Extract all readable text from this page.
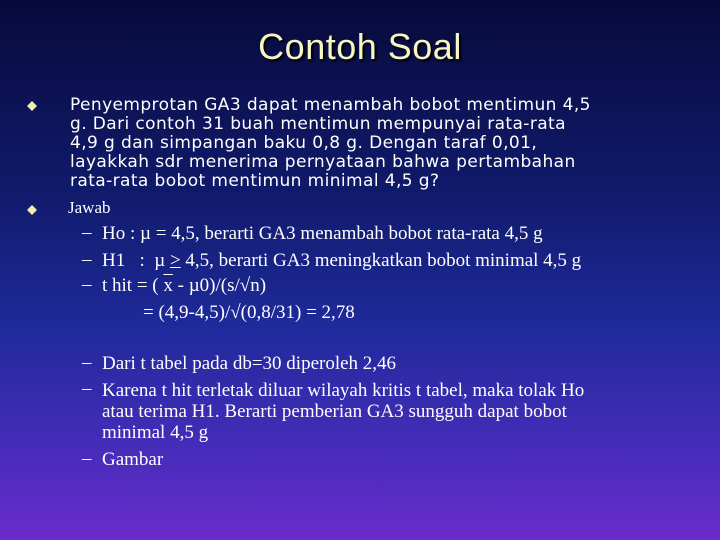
Contoh Soal
Penyemprotan GA3 dapat menambah bobot mentimun 4,5
g. Dari contoh 31 buah mentimun mempunyai rata-rata
4,9 g dan simpangan baku 0,8 g. Dengan taraf 0,01,
layakkah sdr menerima pernyataan bahwa pertambahan
rata-rata bobot mentimun minimal 4,5 g?
Jawab
– Ho : µ = 4,5, berarti GA3 menambah bobot rata-rata 4,5 g
– H1   :  µ > 4,5, berarti GA3 meningkatkan bobot minimal 4,5 g
– t hit = ( $\overline{x} - \mu 0)/(s/√n)$
= (4,9-4,5)/√(0,8/31) = 2,78
– Dari t tabel pada db=30 diperoleh 2,46
– Karena t hit terletak diluar wilayah kritis t tabel, maka tolak Ho
atau terima H1. Berarti pemberian GA3 sungguh dapat bobot
minimal 4,5 g
– Gambar
